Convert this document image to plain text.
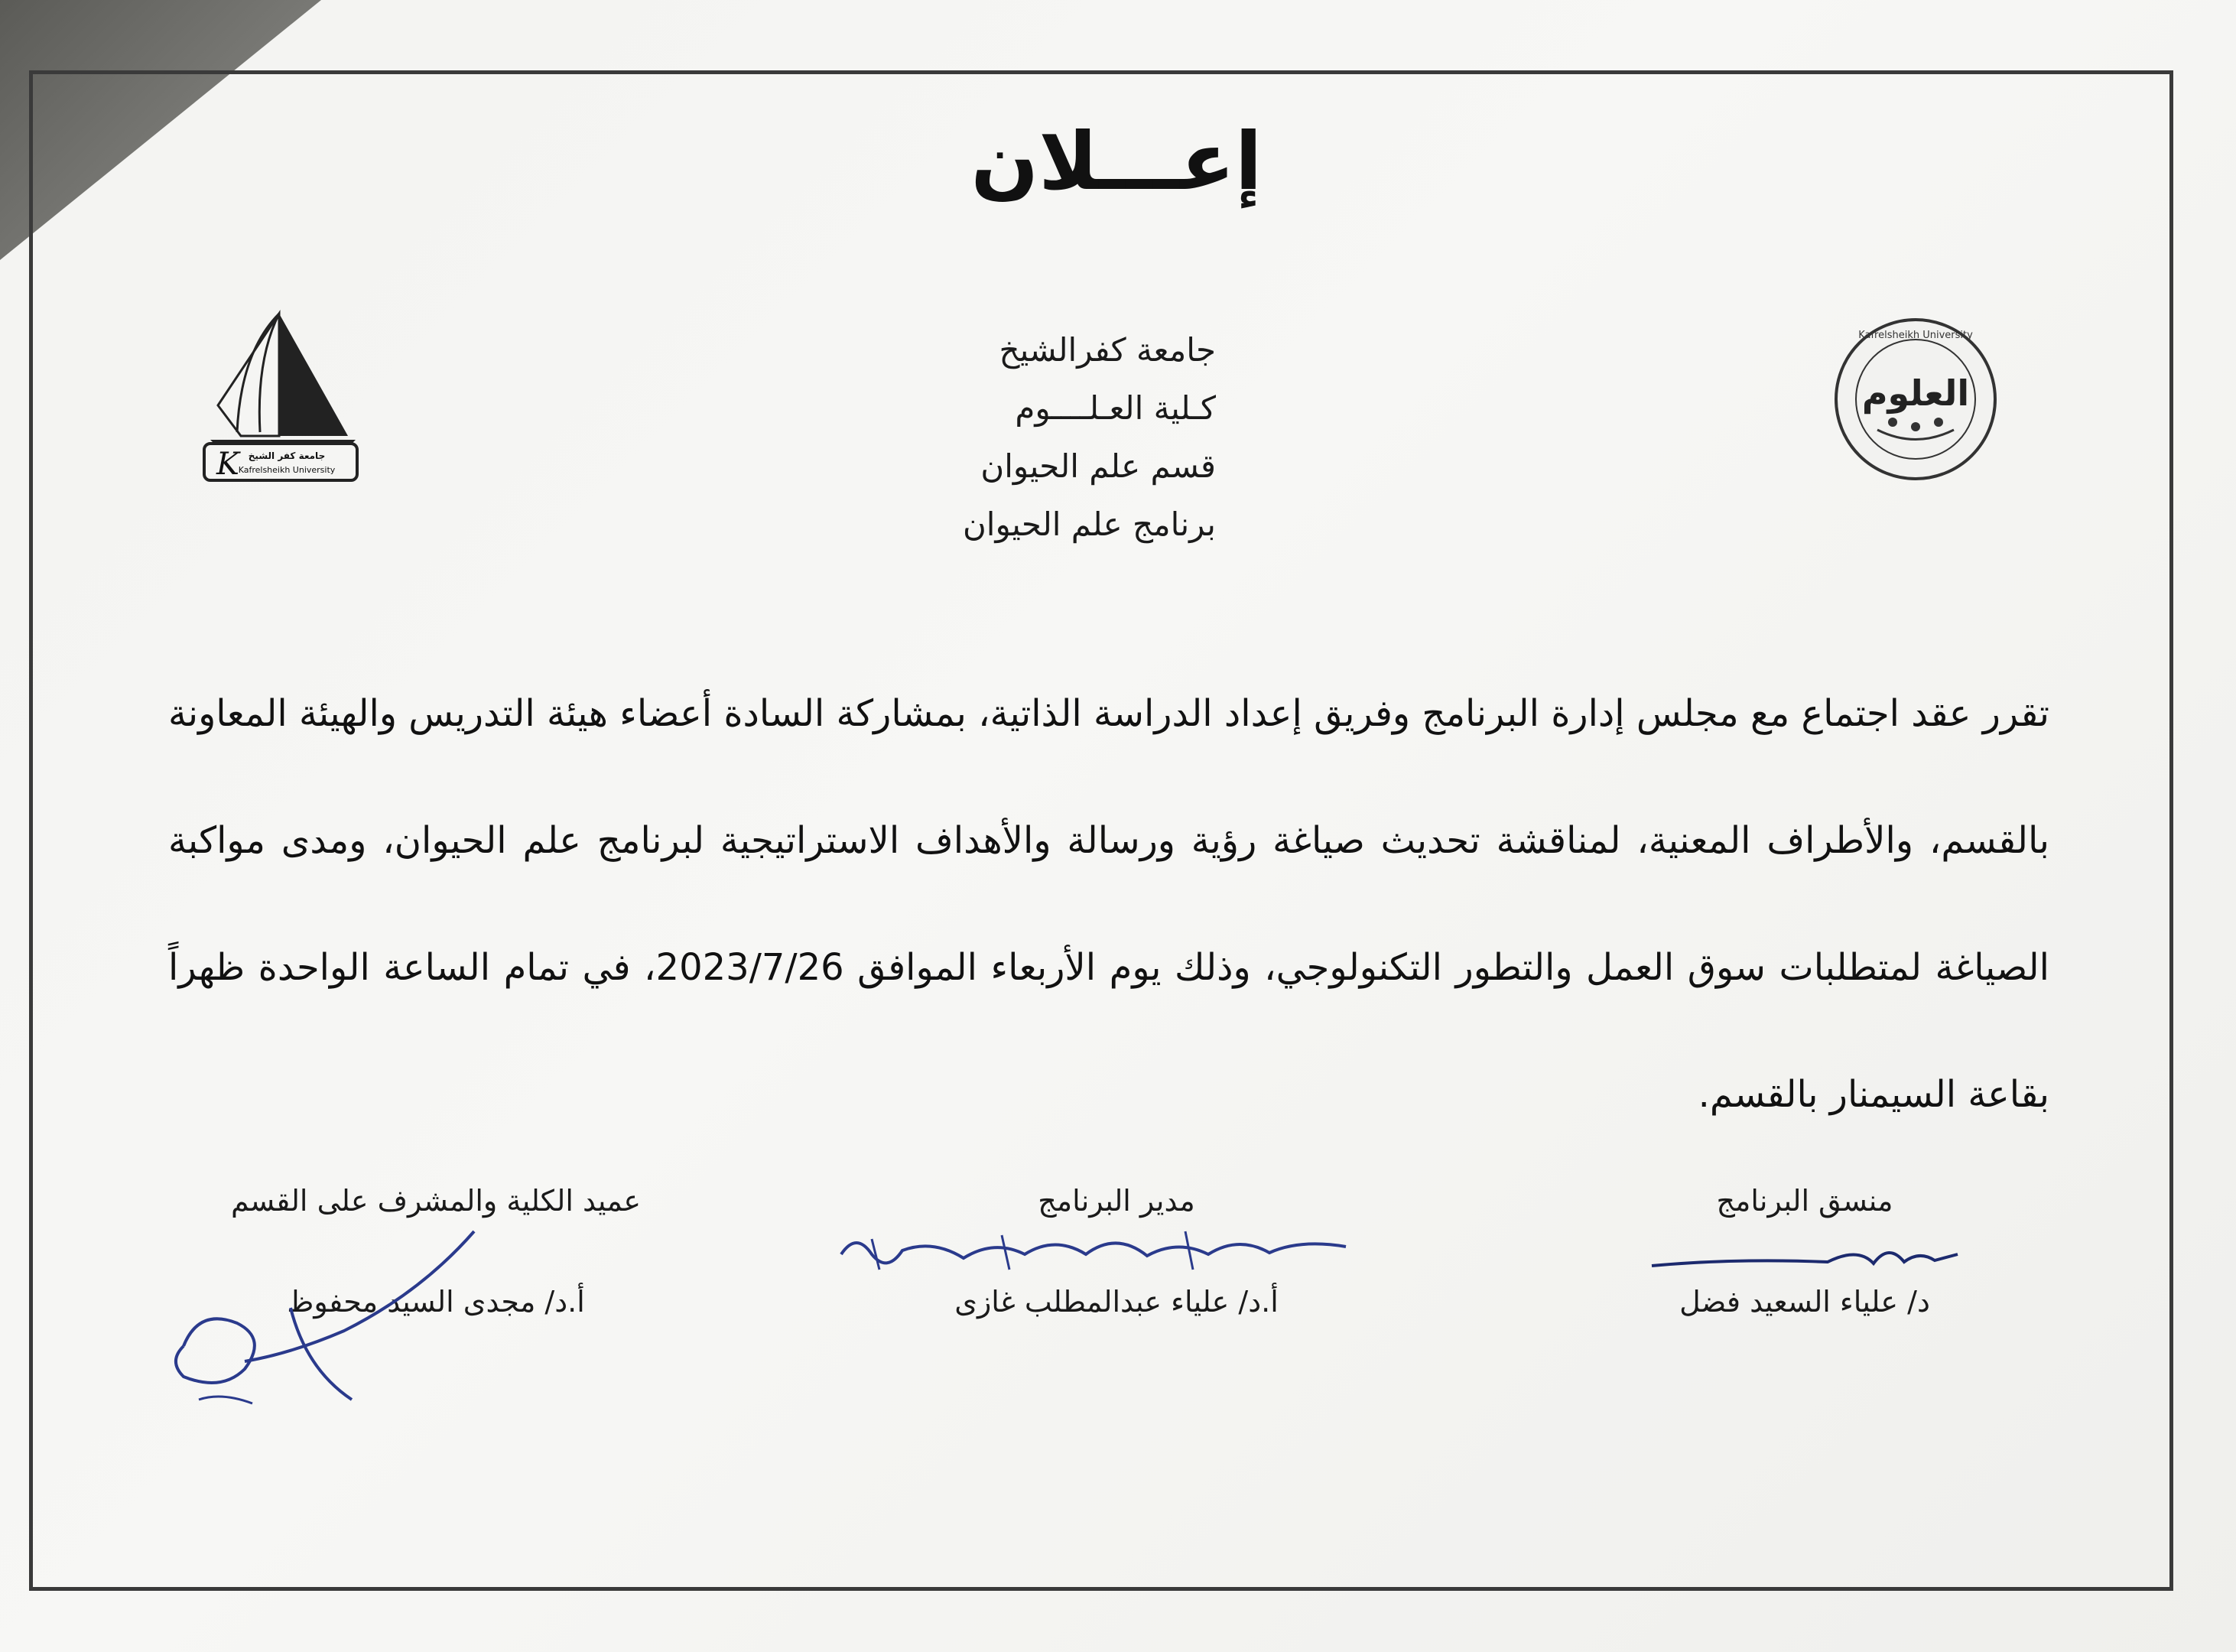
إعـــلان
K جامعة كفر الشيخ
Kafrelsheikh University
العلوم
Kafrelsheikh University
جامعة كفرالشيخ
كـلية العـلــــوم
قسم علم الحيوان
برنامج علم الحيوان
تقرر عقد اجتماع مع مجلس إدارة البرنامج وفريق إعداد الدراسة الذاتية، بمشاركة السادة أعضاء هيئة التدريس والهيئة المعاونة بالقسم، والأطراف المعنية، لمناقشة تحديث صياغة رؤية ورسالة والأهداف الاستراتيجية لبرنامج علم الحيوان، ومدى مواكبة الصياغة لمتطلبات سوق العمل والتطور التكنولوجي، وذلك يوم الأربعاء الموافق 2023/7/26، في تمام الساعة الواحدة ظهراً بقاعة السيمنار بالقسم.
منسق البرنامج
د/ علياء السعيد فضل
مدير البرنامج
أ.د/ علياء عبدالمطلب غازى
عميد الكلية والمشرف على القسم
أ.د/ مجدى السيد محفوظ
